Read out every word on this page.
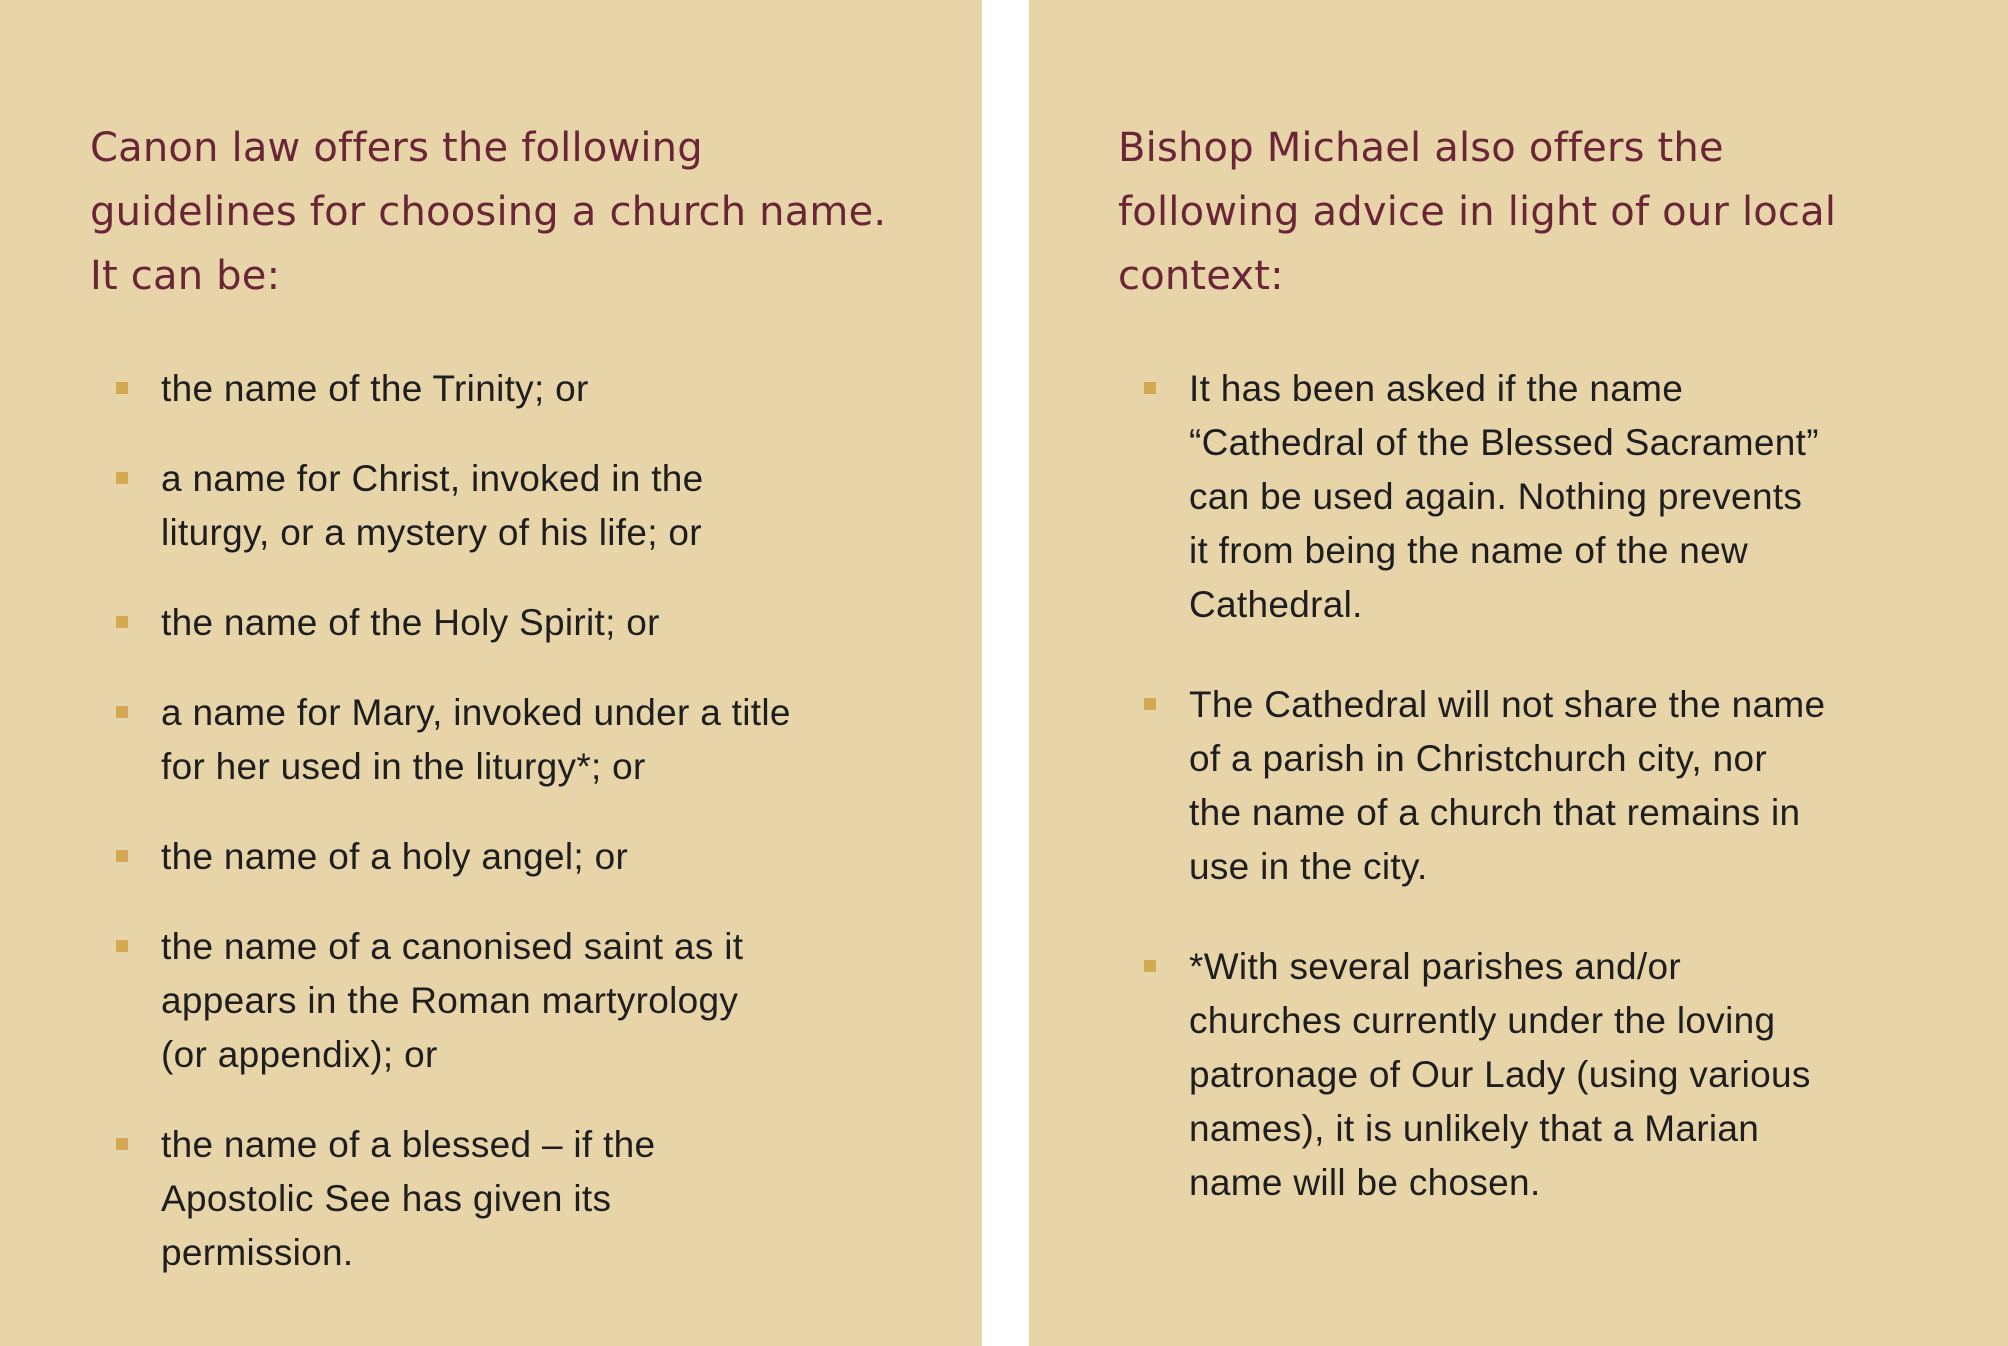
Canon law offers the following guidelines for choosing a church name. It can be:
the name of the Trinity; or
a name for Christ, invoked in the liturgy, or a mystery of his life; or
the name of the Holy Spirit; or
a name for Mary, invoked under a title for her used in the liturgy*; or
the name of a holy angel; or
the name of a canonised saint as it appears in the Roman martyrology (or appendix); or
the name of a blessed – if the Apostolic See has given its permission.
Bishop Michael also offers the following advice in light of our local context:
It has been asked if the name “Cathedral of the Blessed Sacrament” can be used again. Nothing prevents it from being the name of the new Cathedral.
The Cathedral will not share the name of a parish in Christchurch city, nor the name of a church that remains in use in the city.
*With several parishes and/or churches currently under the loving patronage of Our Lady (using various names), it is unlikely that a Marian name will be chosen.
